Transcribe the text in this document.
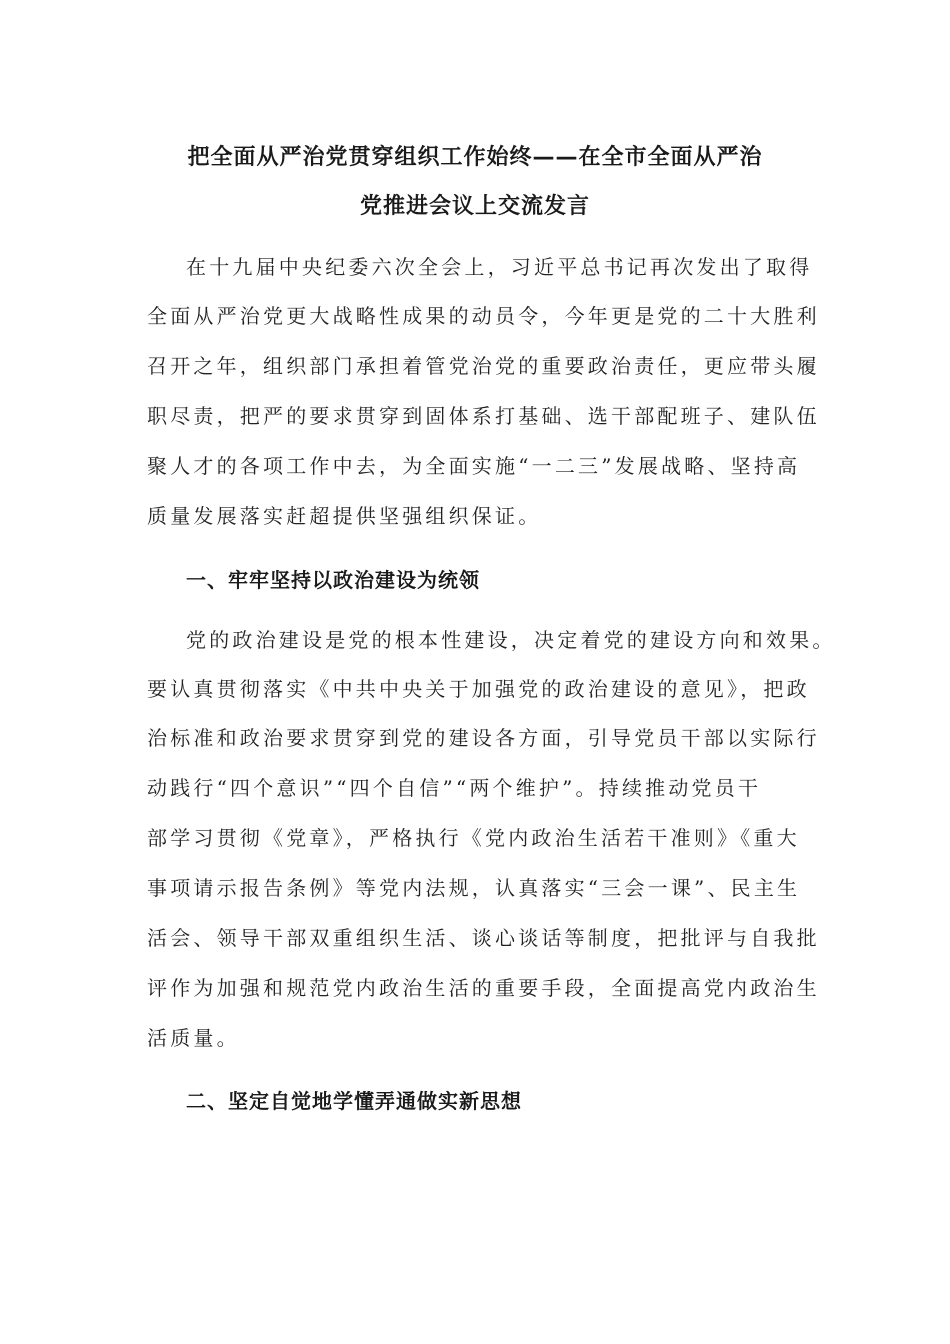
把全面从严治党贯穿组织工作始终——在全市全面从严治
党推进会议上交流发言
在十九届中央纪委六次全会上，习近平总书记再次发出了取得
全面从严治党更大战略性成果的动员令，今年更是党的二十大胜利
召开之年，组织部门承担着管党治党的重要政治责任，更应带头履
职尽责，把严的要求贯穿到固体系打基础、选干部配班子、建队伍
聚人才的各项工作中去，为全面实施“一二三”发展战略、坚持高
质量发展落实赶超提供坚强组织保证。
一、牢牢坚持以政治建设为统领
党的政治建设是党的根本性建设，决定着党的建设方向和效果。
要认真贯彻落实《中共中央关于加强党的政治建设的意见》，把政
治标准和政治要求贯穿到党的建设各方面，引导党员干部以实际行
动践行“四个意识”“四个自信”“两个维护”。持续推动党员干
部学习贯彻《党章》，严格执行《党内政治生活若干准则》《重大
事项请示报告条例》等党内法规，认真落实“三会一课”、民主生
活会、领导干部双重组织生活、谈心谈话等制度，把批评与自我批
评作为加强和规范党内政治生活的重要手段，全面提高党内政治生
活质量。
二、坚定自觉地学懂弄通做实新思想
